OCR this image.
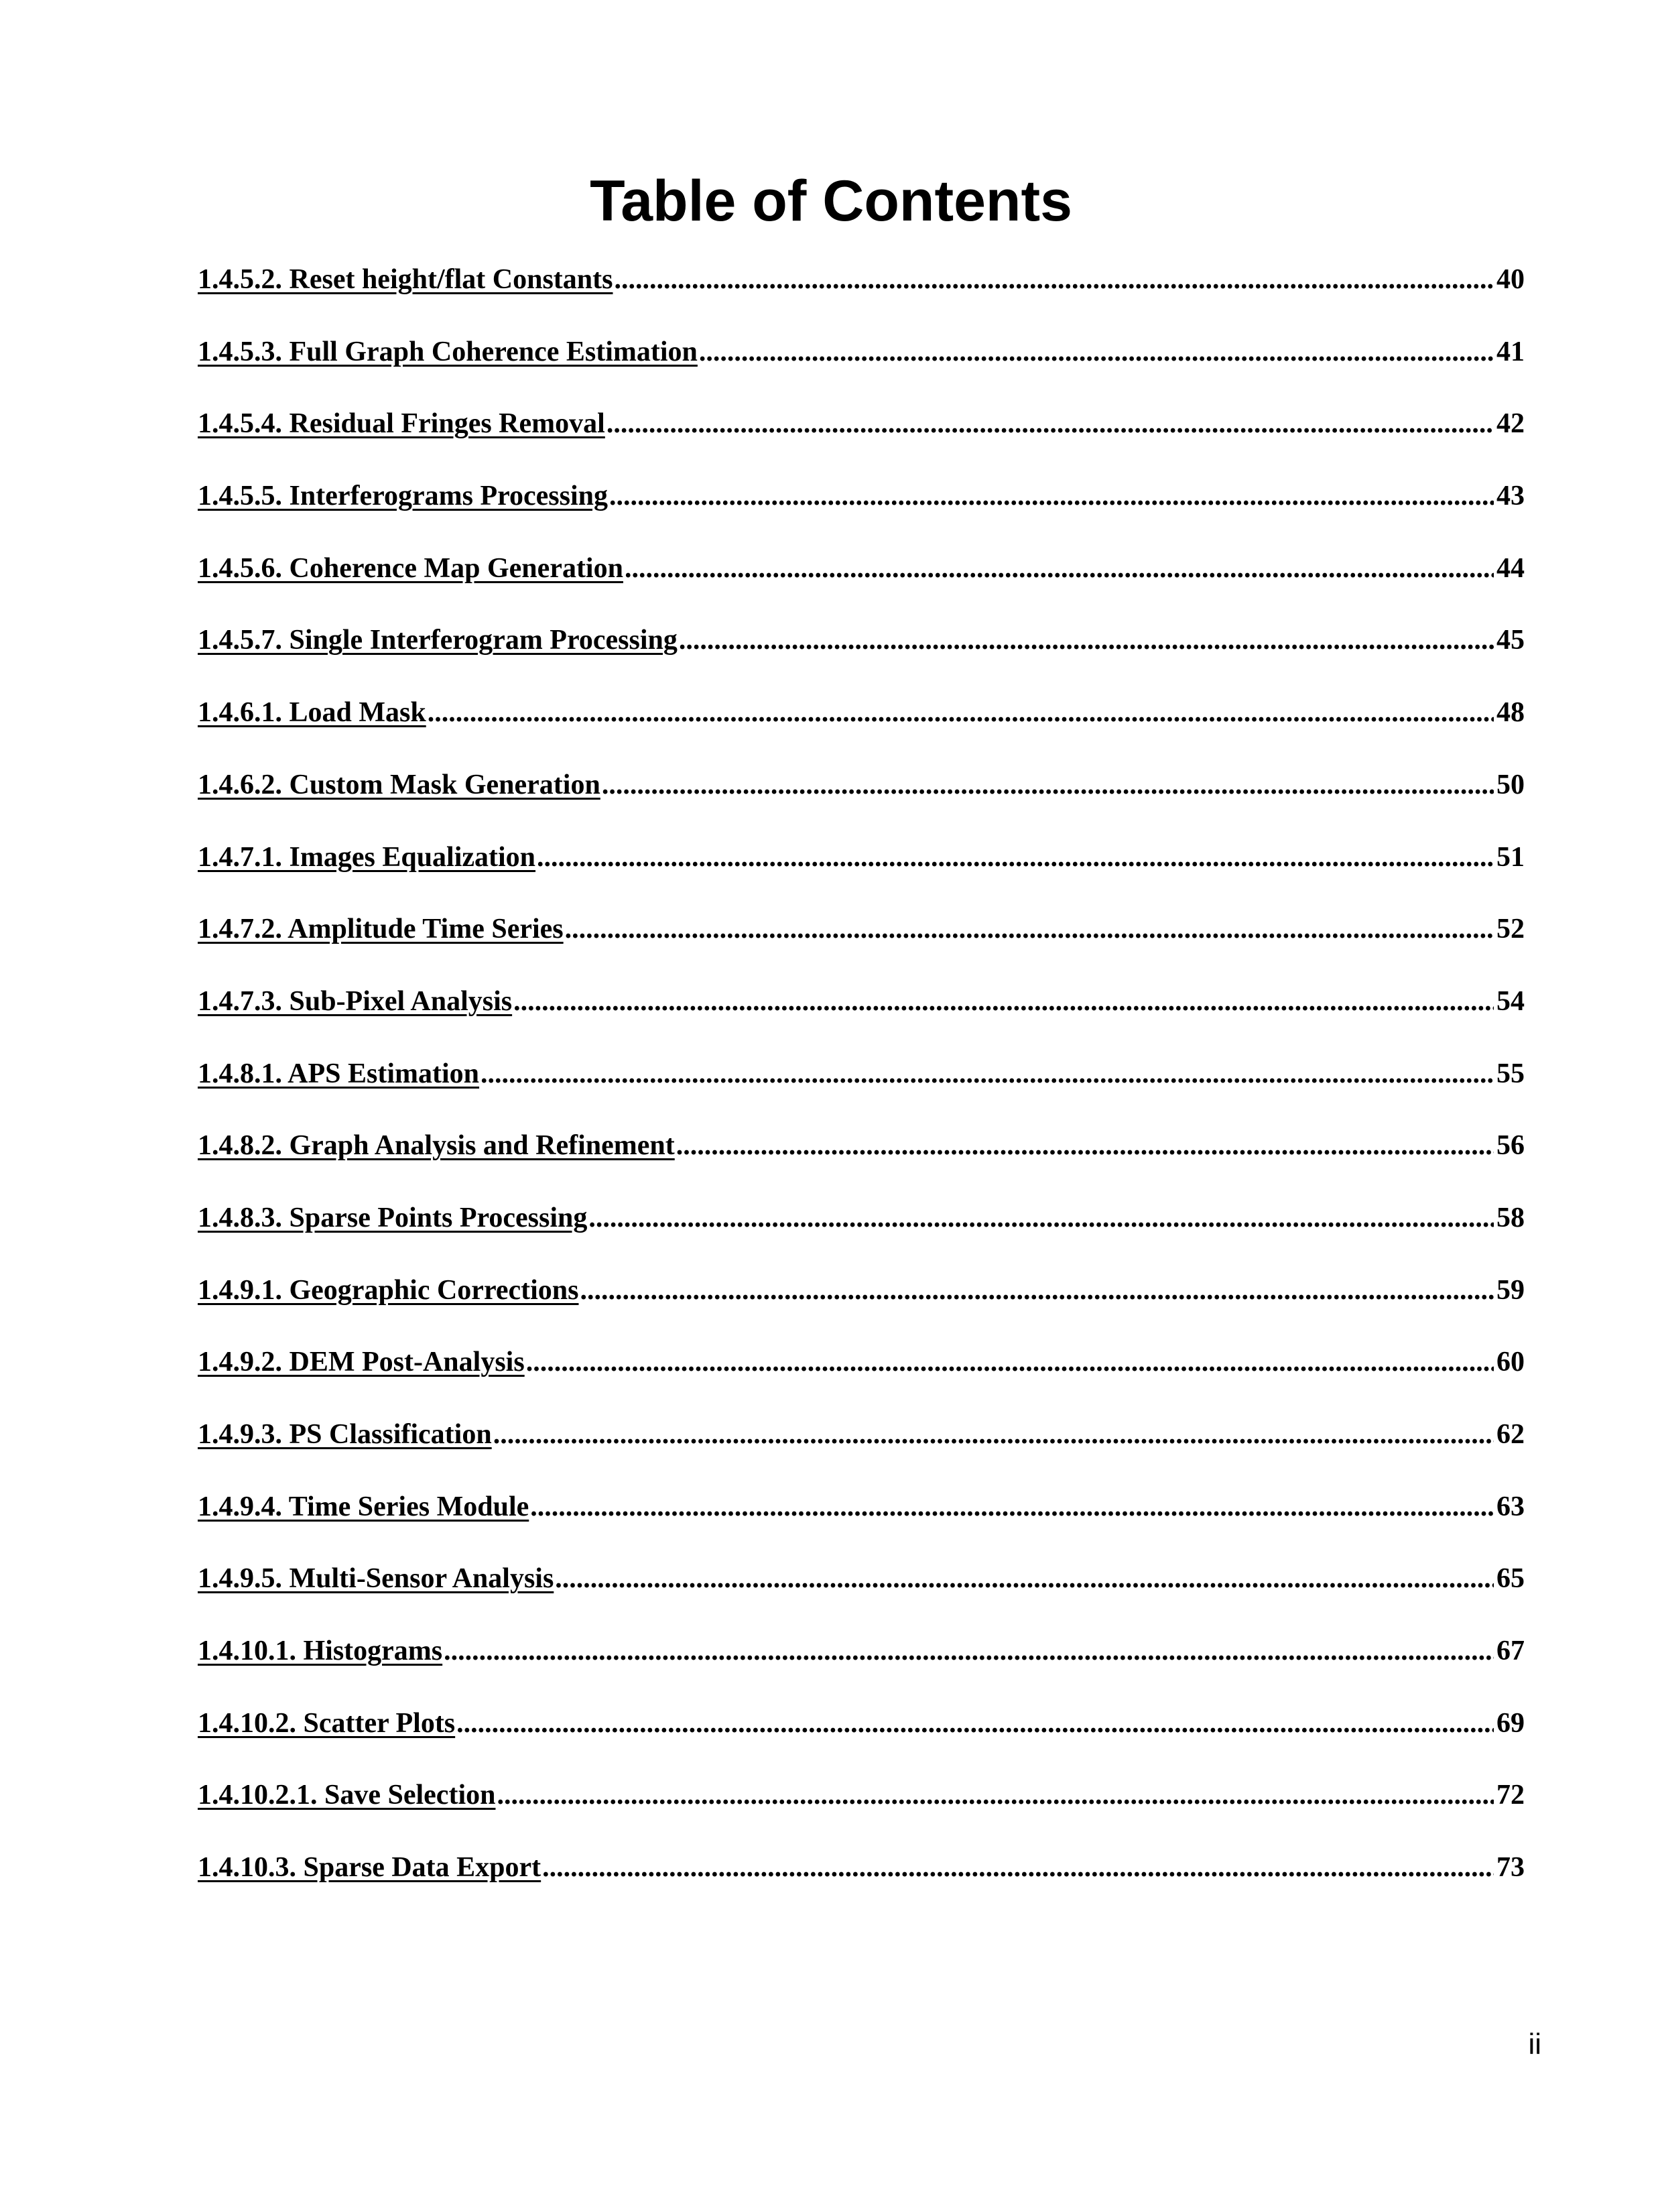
Table of Contents
1.4.5.2. Reset height/flat Constants .....	40
1.4.5.3. Full Graph Coherence Estimation .....	41
1.4.5.4. Residual Fringes Removal .....	42
1.4.5.5. Interferograms Processing .....	43
1.4.5.6. Coherence Map Generation .....	44
1.4.5.7. Single Interferogram Processing .....	45
1.4.6.1. Load Mask .....	48
1.4.6.2. Custom Mask Generation .....	50
1.4.7.1. Images Equalization .....	51
1.4.7.2. Amplitude Time Series .....	52
1.4.7.3. Sub-Pixel Analysis .....	54
1.4.8.1. APS Estimation .....	55
1.4.8.2. Graph Analysis and Refinement .....	56
1.4.8.3. Sparse Points Processing .....	58
1.4.9.1. Geographic Corrections .....	59
1.4.9.2. DEM Post-Analysis .....	60
1.4.9.3. PS Classification .....	62
1.4.9.4. Time Series Module .....	63
1.4.9.5. Multi-Sensor Analysis .....	65
1.4.10.1. Histograms .....	67
1.4.10.2. Scatter Plots .....	69
1.4.10.2.1. Save Selection .....	72
1.4.10.3. Sparse Data Export .....	73
ii
